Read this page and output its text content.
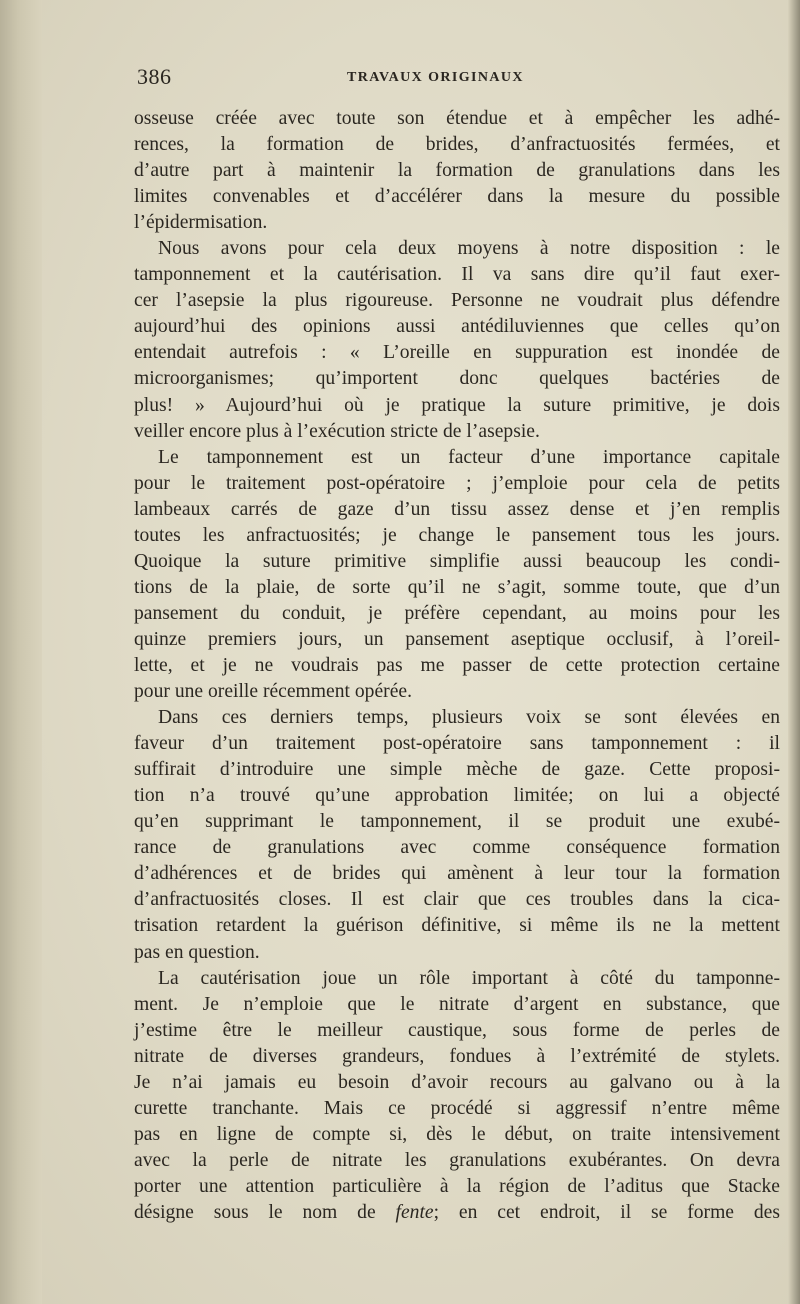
386	TRAVAUX ORIGINAUX
osseuse créée avec toute son étendue et à empêcher les adhé-
rences, la formation de brides, d’anfractuosités fermées, et
d’autre part à maintenir la formation de granulations dans les
limites convenables et d’accélérer dans la mesure du possible
l’épidermisation.
Nous avons pour cela deux moyens à notre disposition : le
tamponnement et la cautérisation. Il va sans dire qu’il faut exer-
cer l’asepsie la plus rigoureuse. Personne ne voudrait plus défendre
aujourd’hui des opinions aussi antédiluviennes que celles qu’on
entendait autrefois : « L’oreille en suppuration est inondée de
microorganismes; qu’importent donc quelques bactéries de
plus! » Aujourd’hui où je pratique la suture primitive, je dois
veiller encore plus à l’exécution stricte de l’asepsie.
Le tamponnement est un facteur d’une importance capitale
pour le traitement post-opératoire ; j’emploie pour cela de petits
lambeaux carrés de gaze d’un tissu assez dense et j’en remplis
toutes les anfractuosités; je change le pansement tous les jours.
Quoique la suture primitive simplifie aussi beaucoup les condi-
tions de la plaie, de sorte qu’il ne s’agit, somme toute, que d’un
pansement du conduit, je préfère cependant, au moins pour les
quinze premiers jours, un pansement aseptique occlusif, à l’oreil-
lette, et je ne voudrais pas me passer de cette protection certaine
pour une oreille récemment opérée.
Dans ces derniers temps, plusieurs voix se sont élevées en
faveur d’un traitement post-opératoire sans tamponnement : il
suffirait d’introduire une simple mèche de gaze. Cette proposi-
tion n’a trouvé qu’une approbation limitée; on lui a objecté
qu’en supprimant le tamponnement, il se produit une exubé-
rance de granulations avec comme conséquence formation
d’adhérences et de brides qui amènent à leur tour la formation
d’anfractuosités closes. Il est clair que ces troubles dans la cica-
trisation retardent la guérison définitive, si même ils ne la mettent
pas en question.
La cautérisation joue un rôle important à côté du tamponne-
ment. Je n’emploie que le nitrate d’argent en substance, que
j’estime être le meilleur caustique, sous forme de perles de
nitrate de diverses grandeurs, fondues à l’extrémité de stylets.
Je n’ai jamais eu besoin d’avoir recours au galvano ou à la
curette tranchante. Mais ce procédé si aggressif n’entre même
pas en ligne de compte si, dès le début, on traite intensivement
avec la perle de nitrate les granulations exubérantes. On devra
porter une attention particulière à la région de l’aditus que Stacke
désigne sous le nom de fente; en cet endroit, il se forme des
